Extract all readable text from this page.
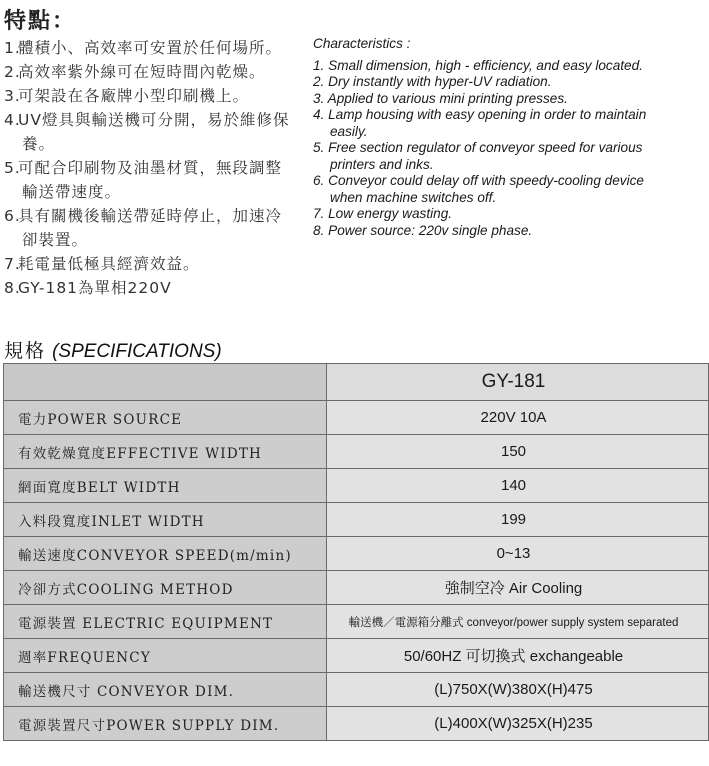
特點：
1.體積小、高效率可安置於任何場所。
2.高效率紫外線可在短時間內乾燥。
3.可架設在各廠牌小型印刷機上。
4.UV燈具與輸送機可分開，易於維修保
養。
5.可配合印刷物及油墨材質，無段調整
輸送帶速度。
6.具有關機後輸送帶延時停止，加速冷
卻裝置。
7.耗電量低極具經濟效益。
8.GY-181為單相220V
Characteristics :
1. Small dimension, high - efficiency, and easy located.
2. Dry instantly with hyper-UV radiation.
3. Applied to various mini printing presses.
4. Lamp housing with easy opening in order to maintain
easily.
5. Free section regulator of conveyor speed for various
printers and inks.
6. Conveyor could delay off with speedy-cooling device
when machine switches off.
7. Low energy wasting.
8. Power source: 220v single phase.
規格 (SPECIFICATIONS)
	GY-181
電力POWER SOURCE	220V 10A
有效乾燥寬度EFFECTIVE WIDTH	150
網面寬度BELT WIDTH	140
入料段寬度INLET WIDTH	199
輸送速度CONVEYOR SPEED(m/min)	0~13
冷卻方式COOLING METHOD	強制空冷 Air Cooling
電源裝置 ELECTRIC EQUIPMENT	輸送機／電源箱分離式 conveyor/power supply system separated
週率FREQUENCY	50/60HZ 可切換式 exchangeable
輸送機尺寸 CONVEYOR DIM.	(L)750X(W)380X(H)475
電源裝置尺寸POWER SUPPLY DIM.	(L)400X(W)325X(H)235
